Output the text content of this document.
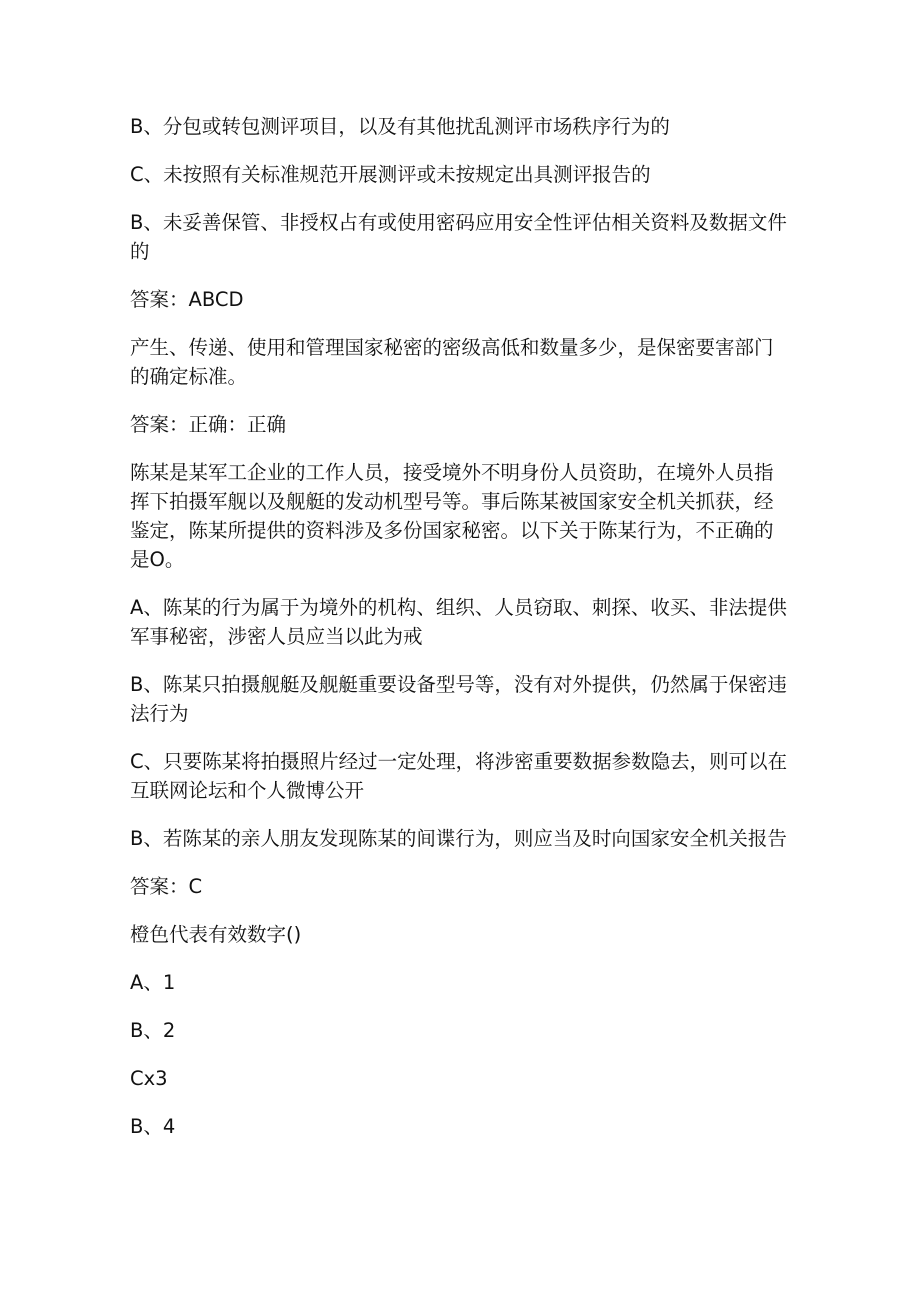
B、分包或转包测评项目，以及有其他扰乱测评市场秩序行为的

C、未按照有关标准规范开展测评或未按规定出具测评报告的

B、未妥善保管、非授权占有或使用密码应用安全性评估相关资料及数据文件的

答案：ABCD

产生、传递、使用和管理国家秘密的密级高低和数量多少，是保密要害部门的确定标准。

答案：正确：正确

陈某是某军工企业的工作人员，接受境外不明身份人员资助，在境外人员指挥下拍摄军舰以及舰艇的发动机型号等。事后陈某被国家安全机关抓获，经鉴定，陈某所提供的资料涉及多份国家秘密。以下关于陈某行为，不正确的是O。

A、陈某的行为属于为境外的机构、组织、人员窃取、刺探、收买、非法提供军事秘密，涉密人员应当以此为戒

B、陈某只拍摄舰艇及舰艇重要设备型号等，没有对外提供，仍然属于保密违法行为

C、只要陈某将拍摄照片经过一定处理，将涉密重要数据参数隐去，则可以在互联网论坛和个人微博公开

B、若陈某的亲人朋友发现陈某的间谍行为，则应当及时向国家安全机关报告

答案：C

橙色代表有效数字()

A、1

B、2

Cx3

B、4
